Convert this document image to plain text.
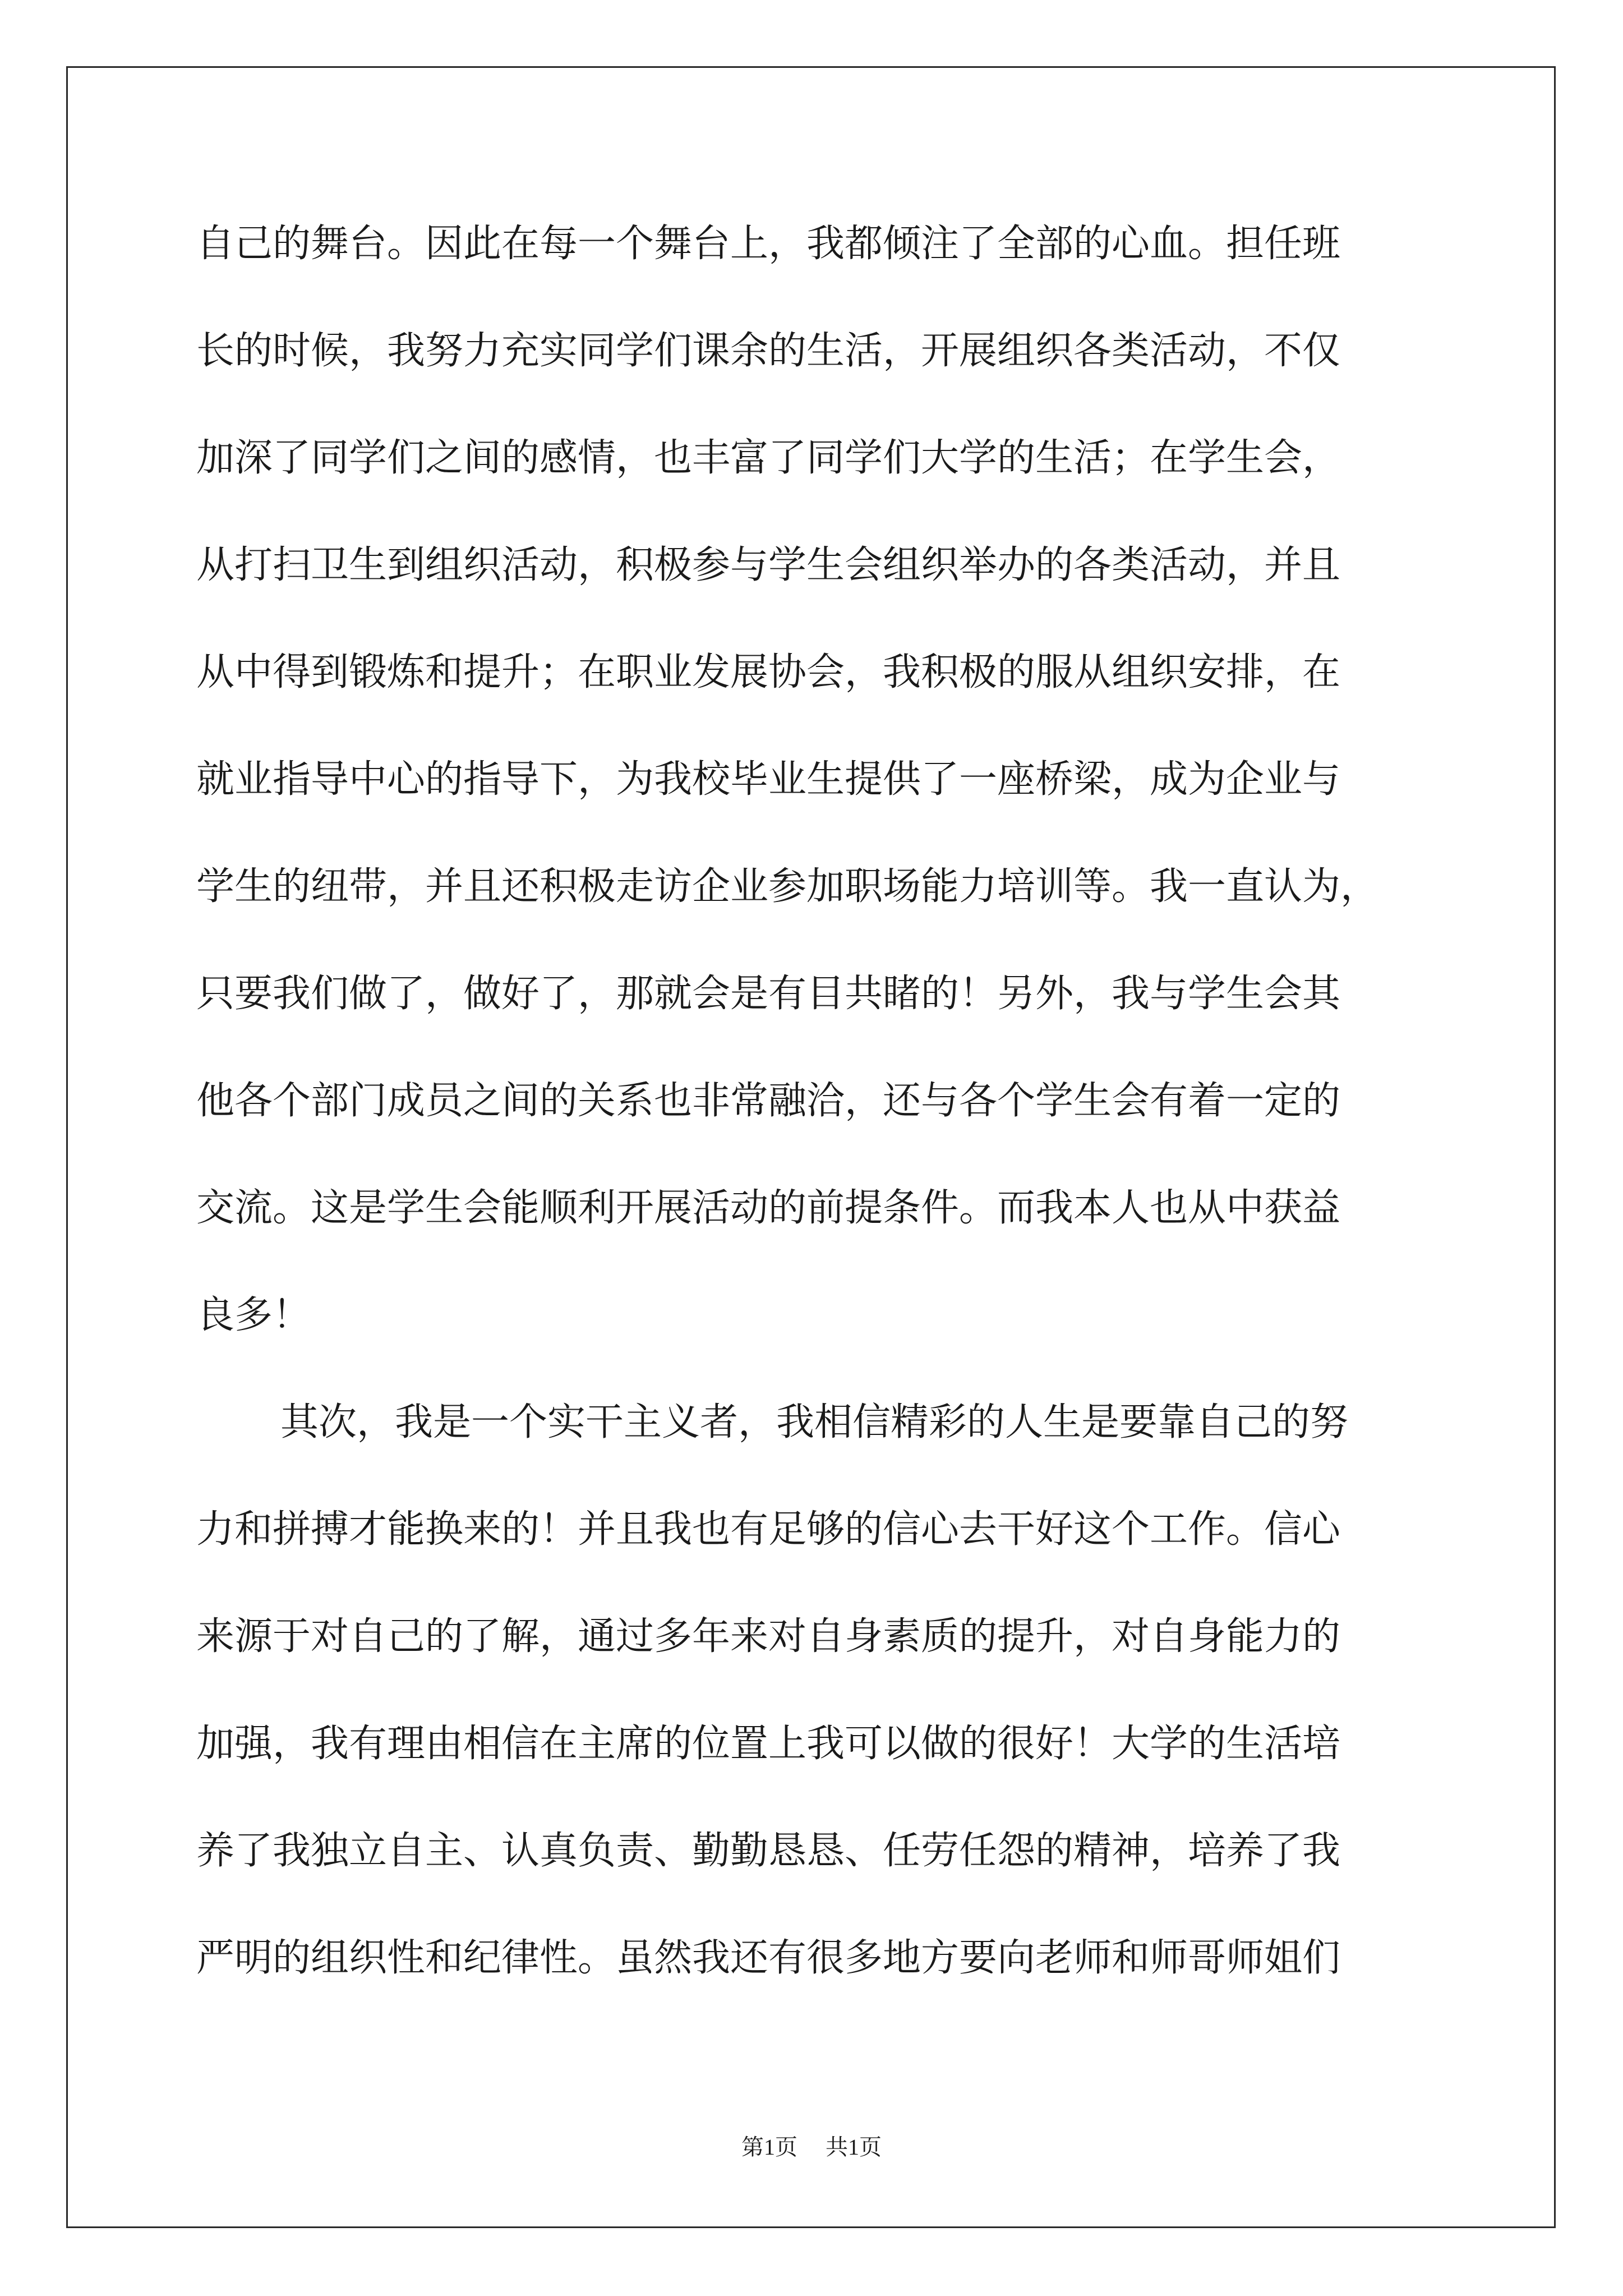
自己的舞台。因此在每一个舞台上，我都倾注了全部的心血。担任班
长的时候，我努力充实同学们课余的生活，开展组织各类活动，不仅
加深了同学们之间的感情，也丰富了同学们大学的生活；在学生会，
从打扫卫生到组织活动，积极参与学生会组织举办的各类活动，并且
从中得到锻炼和提升；在职业发展协会，我积极的服从组织安排，在
就业指导中心的指导下，为我校毕业生提供了一座桥梁，成为企业与
学生的纽带，并且还积极走访企业参加职场能力培训等。我一直认为，
只要我们做了，做好了，那就会是有目共睹的！另外，我与学生会其
他各个部门成员之间的关系也非常融洽，还与各个学生会有着一定的
交流。这是学生会能顺利开展活动的前提条件。而我本人也从中获益
良多！
其次，我是一个实干主义者，我相信精彩的人生是要靠自己的努
力和拼搏才能换来的！并且我也有足够的信心去干好这个工作。信心
来源于对自己的了解，通过多年来对自身素质的提升，对自身能力的
加强，我有理由相信在主席的位置上我可以做的很好！大学的生活培
养了我独立自主、认真负责、勤勤恳恳、任劳任怨的精神，培养了我
严明的组织性和纪律性。虽然我还有很多地方要向老师和师哥师姐们
第1页 共1页
